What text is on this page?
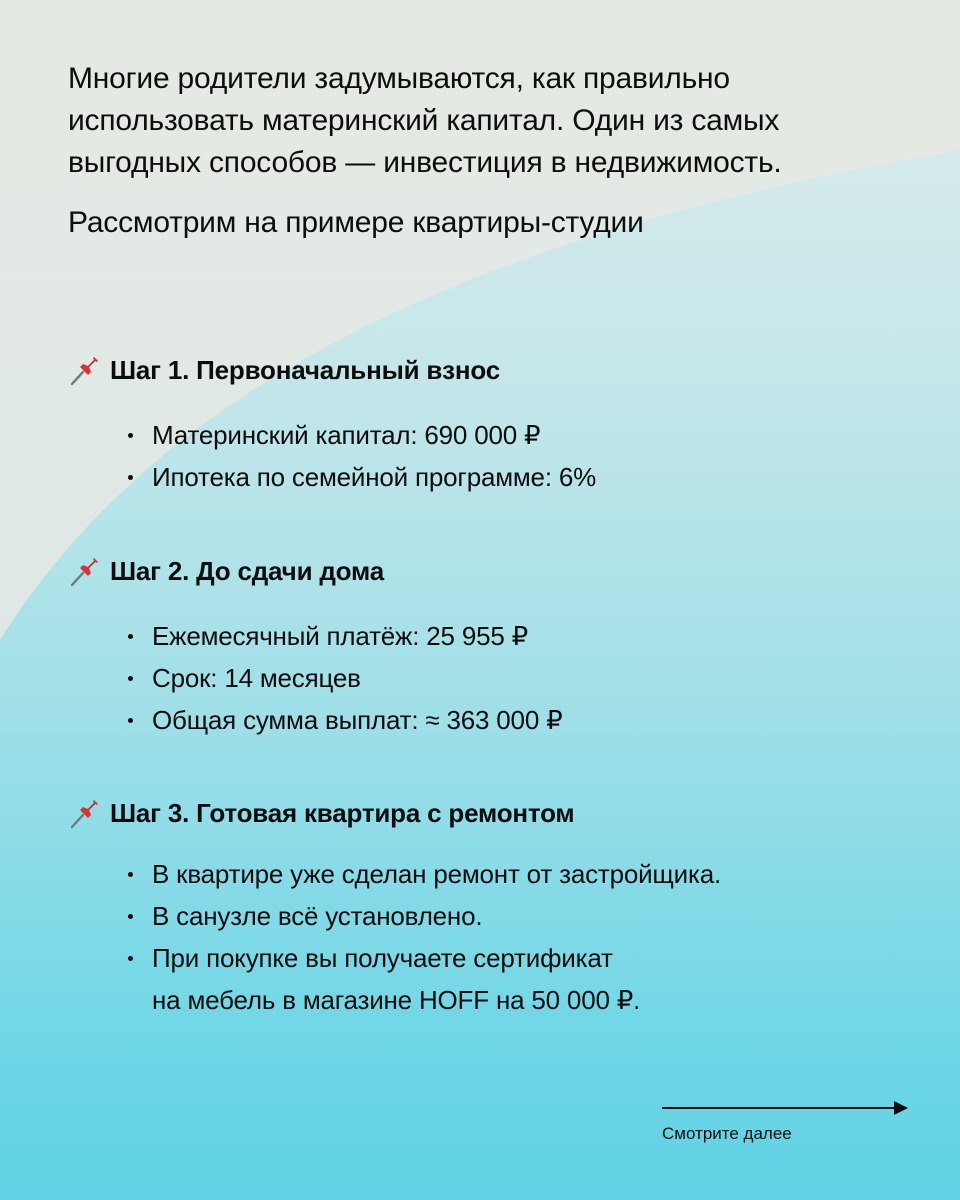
Многие родители задумываются, как правильно использовать материнский капитал. Один из самых выгодных способов — инвестиция в недвижимость.

Рассмотрим на примере квартиры-студии
Шаг 1. Первоначальный взнос
Материнский капитал: 690 000 ₽
Ипотека по семейной программе: 6%
Шаг 2. До сдачи дома
Ежемесячный платёж: 25 955 ₽
Срок: 14 месяцев
Общая сумма выплат: ≈ 363 000 ₽
Шаг 3. Готовая квартира с ремонтом
В квартире уже сделан ремонт от застройщика.
В санузле всё установлено.
При покупке вы получаете сертификат
на мебель в магазине HOFF на 50 000 ₽.
Смотрите далее
